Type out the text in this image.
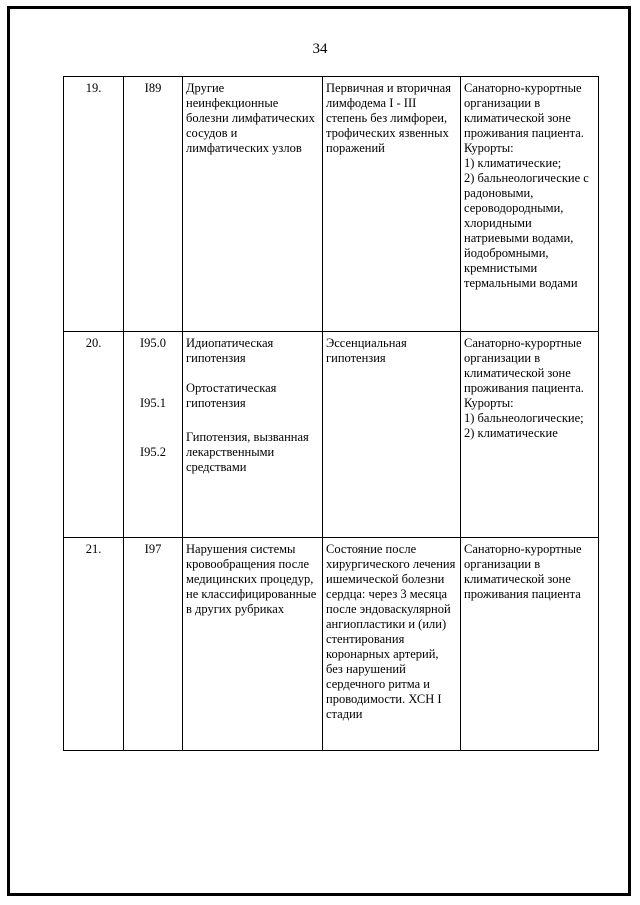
34
19.	I89	Другие неинфекционные болезни лимфатических сосудов и лимфатических узлов	Первичная и вторичная лимфодема I - III степень без лимфореи, трофических язвенных поражений	Санаторно-курортные организации в климатической зоне проживания пациента.
Курорты:
1) климатические;
2) бальнеологические с радоновыми, сероводородными, хлоридными натриевыми водами, йодобромными, кремнистыми термальными водами

20.	I95.0
I95.1
I95.2	Идиопатическая гипотензия
Ортостатическая гипотензия
Гипотензия, вызванная лекарственными средствами	Эссенциальная гипотензия	Санаторно-курортные организации в климатической зоне проживания пациента.
Курорты:
1) бальнеологические;
2) климатические

21.	I97	Нарушения системы кровообращения после медицинских процедур, не классифицированные в других рубриках	Состояние после хирургического лечения ишемической болезни сердца: через 3 месяца после эндоваскулярной ангиопластики и (или) стентирования коронарных артерий, без нарушений сердечного ритма и проводимости. ХСН I стадии	Санаторно-курортные организации в климатической зоне проживания пациента
